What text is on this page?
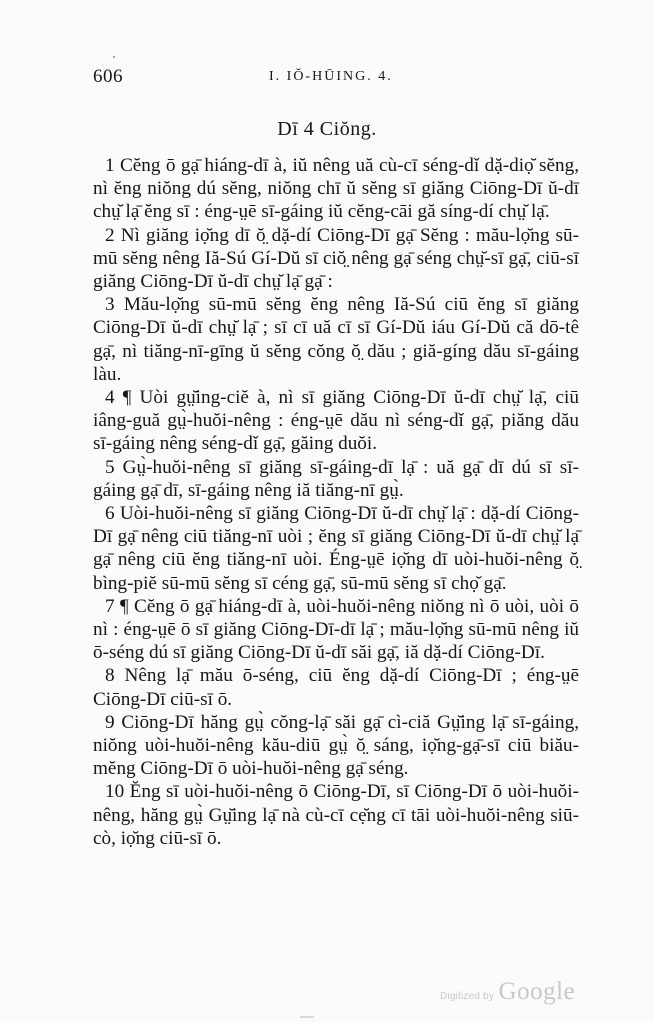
606	I. IŎ-HŪING. 4.
Dī 4 Ciŏng.

1 Cĕng ō gạ̄ hiáng-dī à, iŭ nêng uă cù-cī séng-dǐ dặ-diọ̆ sĕng, nì ĕng niŏng dú sĕng, niŏng chī ŭ sĕng sī giăng Ciōng-Dī ŭ-dī chṳ̆ lạ̄ ĕng sī : éng-ṳē sī-gáing iŭ cĕng-cāi gă síng-dí chṳ̆ lạ̄.

2 Nì giăng iọ̆ng dī ŏ̤ dặ-dí Ciōng-Dī gạ̄ Sĕng : mău-lọ̆ng sū-mū sĕng nêng Iă-Sú Gí-Dŭ sī ciŏ̤ nêng gạ̄ séng chṳ̆-sī gạ̄, ciū-sī giăng Ciōng-Dī ŭ-dī chṳ̆ lạ̄ gạ̄ :

3 Mău-lọ̆ng sū-mū sĕng ĕng nêng Iă-Sú ciū ĕng sī giăng Ciōng-Dī ŭ-dī chṳ̆ lạ̄ ; sī cī uă cī sī Gí-Dŭ iáu Gí-Dŭ că dō-tê gạ̄, nì tiăng-nī-gīng ŭ sĕng cŏng ŏ̤ dău ; giă-gíng dău sī-gáing làu.

4 ¶ Uòi gṳ̆ing-ciĕ à, nì sī giăng Ciōng-Dī ŭ-dī chṳ̆ lạ̄, ciū iâng-guă gṳ̀-huŏi-nêng : éng-ṳē dău nì séng-dǐ gạ̄, piăng dău sī-gáing nêng séng-dǐ gạ̄, găing duŏi.

5 Gṳ̀-huŏi-nêng sī giăng sī-gáing-dī lạ̄ : uă gạ̄ dī dú sī sī-gáing gạ̄ dī, sī-gáing nêng iă tiăng-nī gṳ̀.

6 Uòi-huŏi-nêng sī giăng Ciōng-Dī ŭ-dī chṳ̆ lạ̄ : dặ-dí Ciōng-Dī gạ̄ nêng ciū tiăng-nī uòi ; ĕng sī giăng Ciōng-Dī ŭ-dī chṳ̆ lạ̄ gạ̄ nêng ciū ĕng tiăng-nī uòi. Éng-ṳē iọ̆ng dī uòi-huŏi-nêng ŏ̤ bìng-piĕ sū-mū sĕng sī céng gạ̄, sū-mū sĕng sī chọ̆ gạ̄.

7 ¶ Cĕng ō gạ̄ hiáng-dī à, uòi-huŏi-nêng niŏng nì ō uòi, uòi ō nì : éng-ṳē ō sī giăng Ciōng-Dī-dī lạ̄ ; mău-lọ̆ng sū-mū nêng iŭ ō-séng dú sī giăng Ciōng-Dī ŭ-dī săi gạ̄, iă dặ-dí Ciōng-Dī.

8 Nêng lạ̄ mău ō-séng, ciū ĕng dặ-dí Ciōng-Dī ; éng-ṳē Ciōng-Dī ciū-sī ō.

9 Ciōng-Dī hăng gṳ̀ cŏng-lạ̄ săi gạ̄ cì-ciă Gṳ̆ing lạ̄ sī-gáing, niŏng uòi-huŏi-nêng kău-diū gṳ̀ ŏ̤ sáng, iọ̆ng-gạ̄-sī ciū biău-mĕng Ciōng-Dī ō uòi-huŏi-nêng gạ̄ séng.

10 Ĕng sī uòi-huŏi-nêng ō Ciōng-Dī, sī Ciōng-Dī ō uòi-huŏi-nêng, hăng gṳ̀ Gṳ̆ing lạ̄ nà cù-cī cẹ̆ng cī tāi uòi-huŏi-nêng siū-cò, iọ̆ng ciū-sī ō.

Digitized by Google
